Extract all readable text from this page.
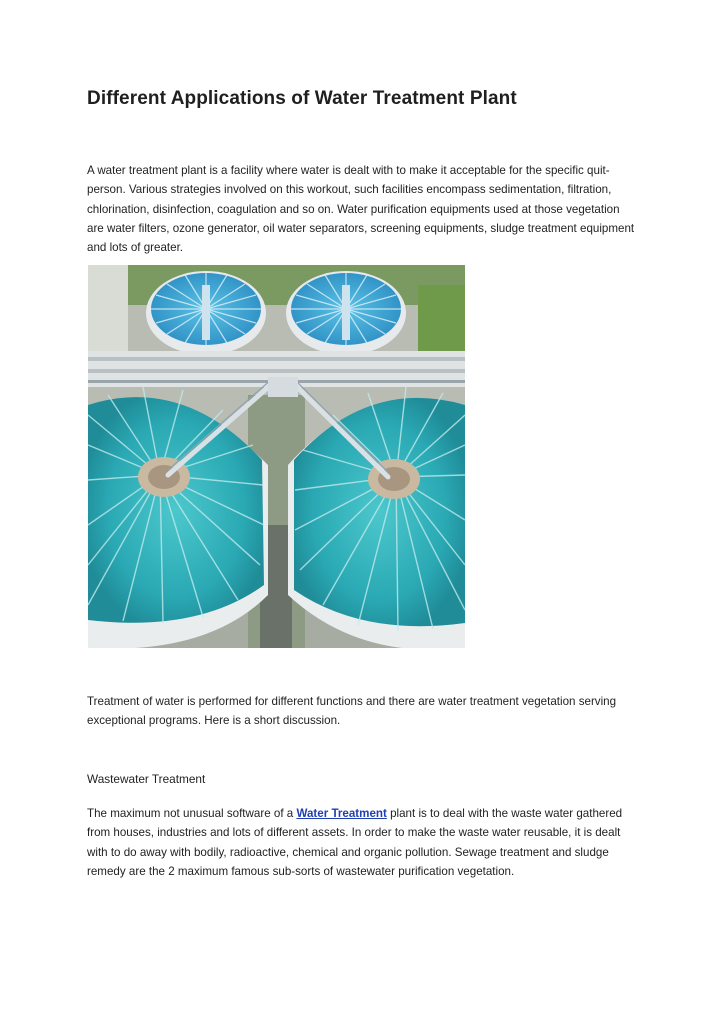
Different Applications of Water Treatment Plant

A water treatment plant is a facility where water is dealt with to make it acceptable for the specific quit-person. Various strategies involved on this workout, such facilities encompass sedimentation, filtration, chlorination, disinfection, coagulation and so on. Water purification equipments used at those vegetation are water filters, ozone generator, oil water separators, screening equipments, sludge treatment equipment and lots of greater.

Treatment of water is performed for different functions and there are water treatment vegetation serving exceptional programs. Here is a short discussion.

Wastewater Treatment

The maximum not unusual software of a Water Treatment plant is to deal with the waste water gathered from houses, industries and lots of different assets. In order to make the waste water reusable, it is dealt with to do away with bodily, radioactive, chemical and organic pollution. Sewage treatment and sludge remedy are the 2 maximum famous sub-sorts of wastewater purification vegetation.
